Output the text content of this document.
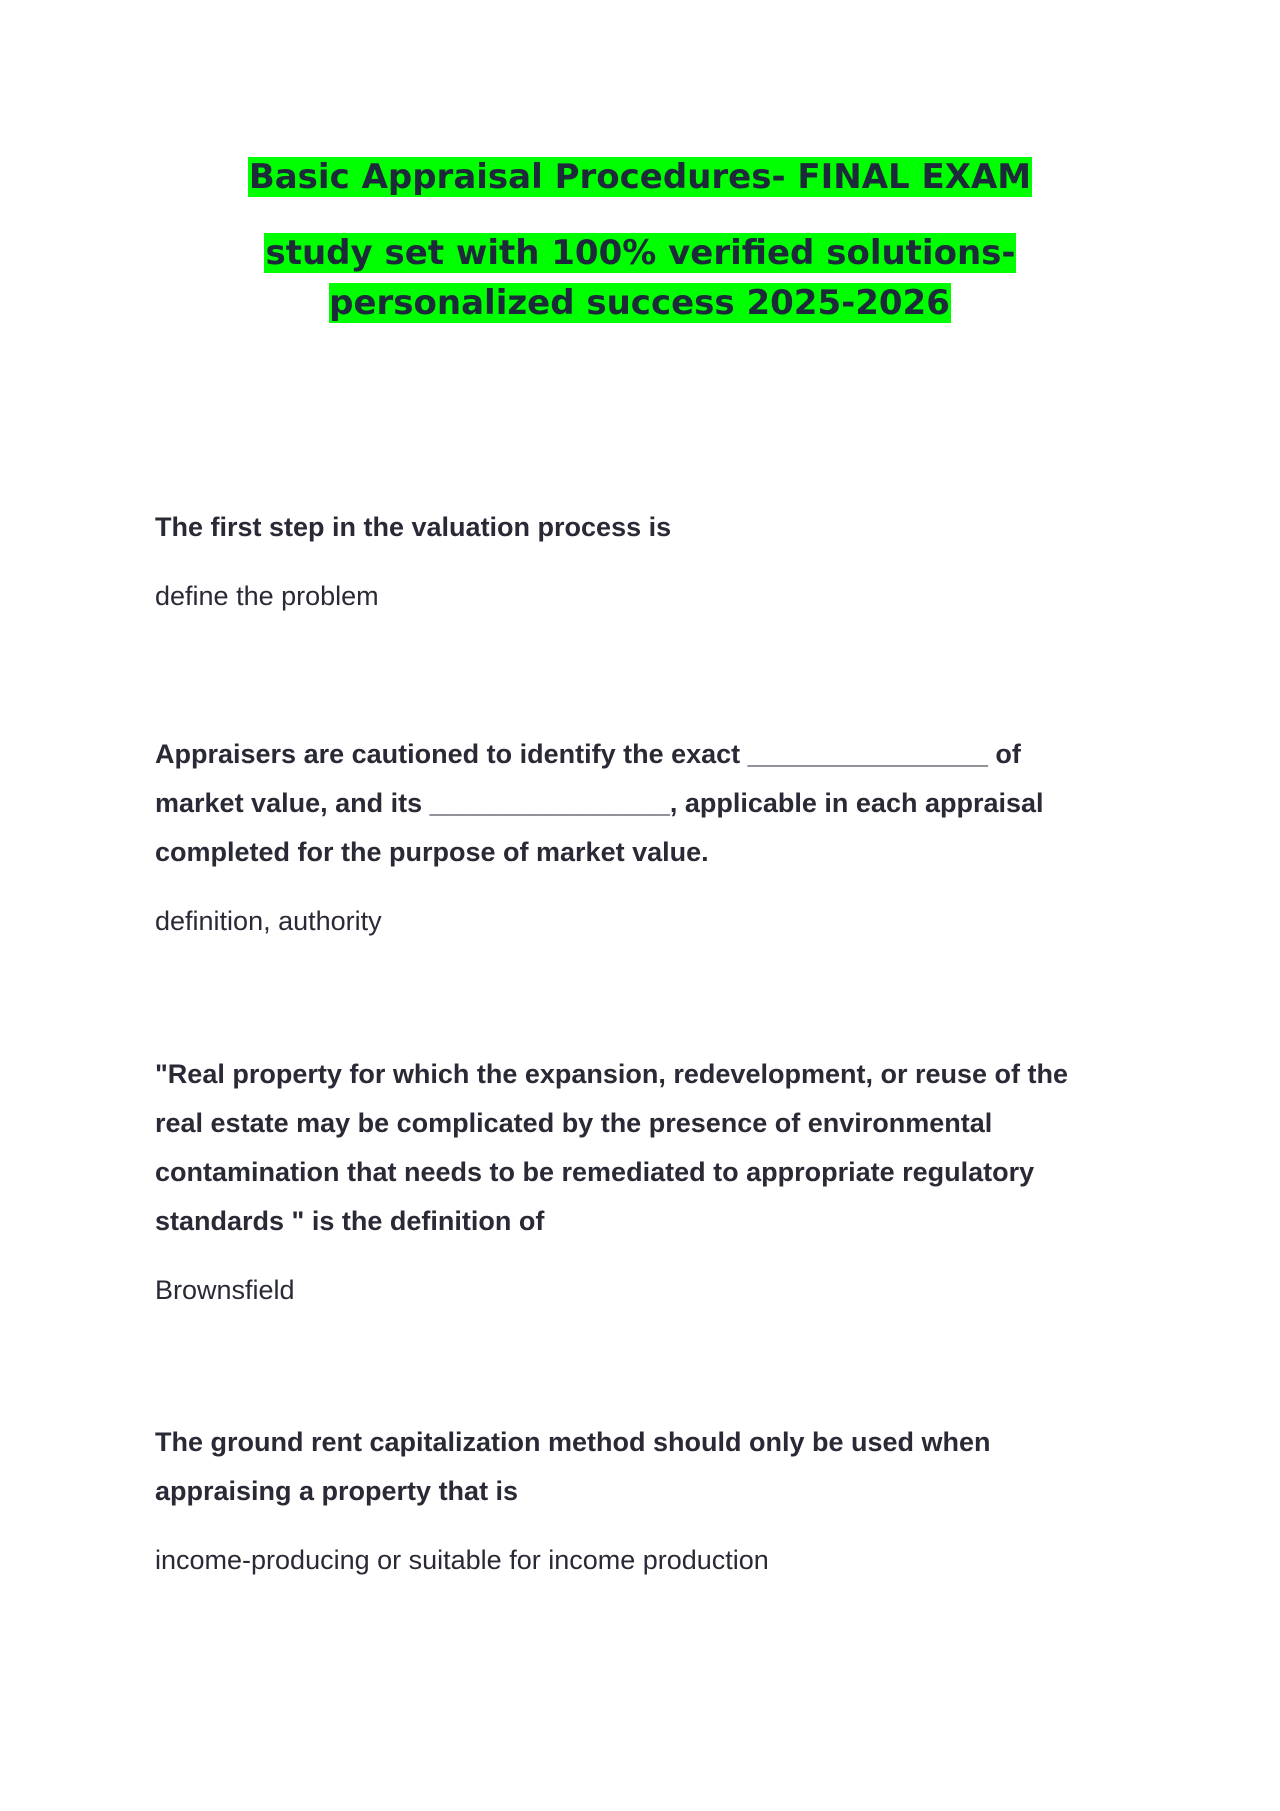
Basic Appraisal Procedures- FINAL EXAM

study set with 100% verified solutions-personalized success 2025-2026

The first step in the valuation process is

define the problem

Appraisers are cautioned to identify the exact ________________ of market value, and its ________________, applicable in each appraisal completed for the purpose of market value.

definition, authority

"Real property for which the expansion, redevelopment, or reuse of the real estate may be complicated by the presence of environmental contamination that needs to be remediated to appropriate regulatory standards " is the definition of

Brownsfield

The ground rent capitalization method should only be used when appraising a property that is

income-producing or suitable for income production
